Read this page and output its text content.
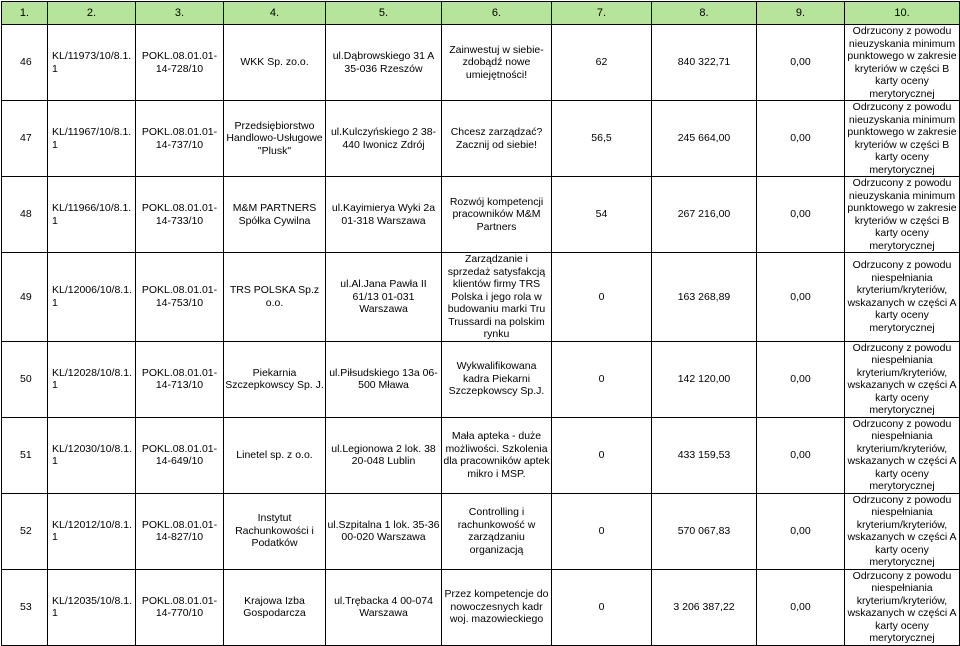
1.	2.	3.	4.	5.	6.	7.	8.	9.	10.
46	KL/11973/10/8.1.1	POKL.08.01.01-14-728/10	WKK Sp. zo.o.	ul.Dąbrowskiego 31 A 35-036 Rzeszów	Zainwestuj w siebie- zdobądź nowe umiejętności!	62	840 322,71	0,00	Odrzucony z powodu nieuzyskania minimum punktowego w zakresie kryteriów w części B karty oceny merytorycznej
47	KL/11967/10/8.1.1	POKL.08.01.01-14-737/10	Przedsiębiorstwo Handlowo-Usługowe "Plusk"	ul.Kulczyńskiego 2 38-440 Iwonicz Zdrój	Chcesz zarządzać? Zacznij od siebie!	56,5	245 664,00	0,00	Odrzucony z powodu nieuzyskania minimum punktowego w zakresie kryteriów w części B karty oceny merytorycznej
48	KL/11966/10/8.1.1	POKL.08.01.01-14-733/10	M&M PARTNERS Spółka Cywilna	ul.Kayimierya Wyki 2a 01-318 Warszawa	Rozwój kompetencji pracowników M&M Partners	54	267 216,00	0,00	Odrzucony z powodu nieuzyskania minimum punktowego w zakresie kryteriów w części B karty oceny merytorycznej
49	KL/12006/10/8.1.1	POKL.08.01.01-14-753/10	TRS POLSKA Sp.z o.o.	ul.Al.Jana Pawła II 61/13 01-031 Warszawa	Zarządzanie i sprzedaż satysfakcją klientów firmy TRS Polska i jego rola w budowaniu marki Tru Trussardi na polskim rynku	0	163 268,89	0,00	Odrzucony z powodu niespełniania kryterium/kryteriów, wskazanych w części A karty oceny merytorycznej
50	KL/12028/10/8.1.1	POKL.08.01.01-14-713/10	Piekarnia Szczepkowscy Sp. J.	ul.Piłsudskiego 13a 06-500 Mława	Wykwalifikowana kadra Piekarni Szczepkowscy Sp.J.	0	142 120,00	0,00	Odrzucony z powodu niespełniania kryterium/kryteriów, wskazanych w części A karty oceny merytorycznej
51	KL/12030/10/8.1.1	POKL.08.01.01-14-649/10	Linetel sp. z o.o.	ul.Legionowa 2 lok. 38 20-048 Lublin	Mała apteka - duże możliwości. Szkolenia dla pracowników aptek mikro i MSP.	0	433 159,53	0,00	Odrzucony z powodu niespełniania kryterium/kryteriów, wskazanych w części A karty oceny merytorycznej
52	KL/12012/10/8.1.1	POKL.08.01.01-14-827/10	Instytut Rachunkowości i Podatków	ul.Szpitalna 1 lok. 35-36 00-020 Warszawa	Controlling i rachunkowość w zarządzaniu organizacją	0	570 067,83	0,00	Odrzucony z powodu niespełniania kryterium/kryteriów, wskazanych w części A karty oceny merytorycznej
53	KL/12035/10/8.1.1	POKL.08.01.01-14-770/10	Krajowa Izba Gospodarcza	ul.Trębacka 4 00-074 Warszawa	Przez kompetencje do nowoczesnych kadr woj. mazowieckiego	0	3 206 387,22	0,00	Odrzucony z powodu niespełniania kryterium/kryteriów, wskazanych w części A karty oceny merytorycznej
